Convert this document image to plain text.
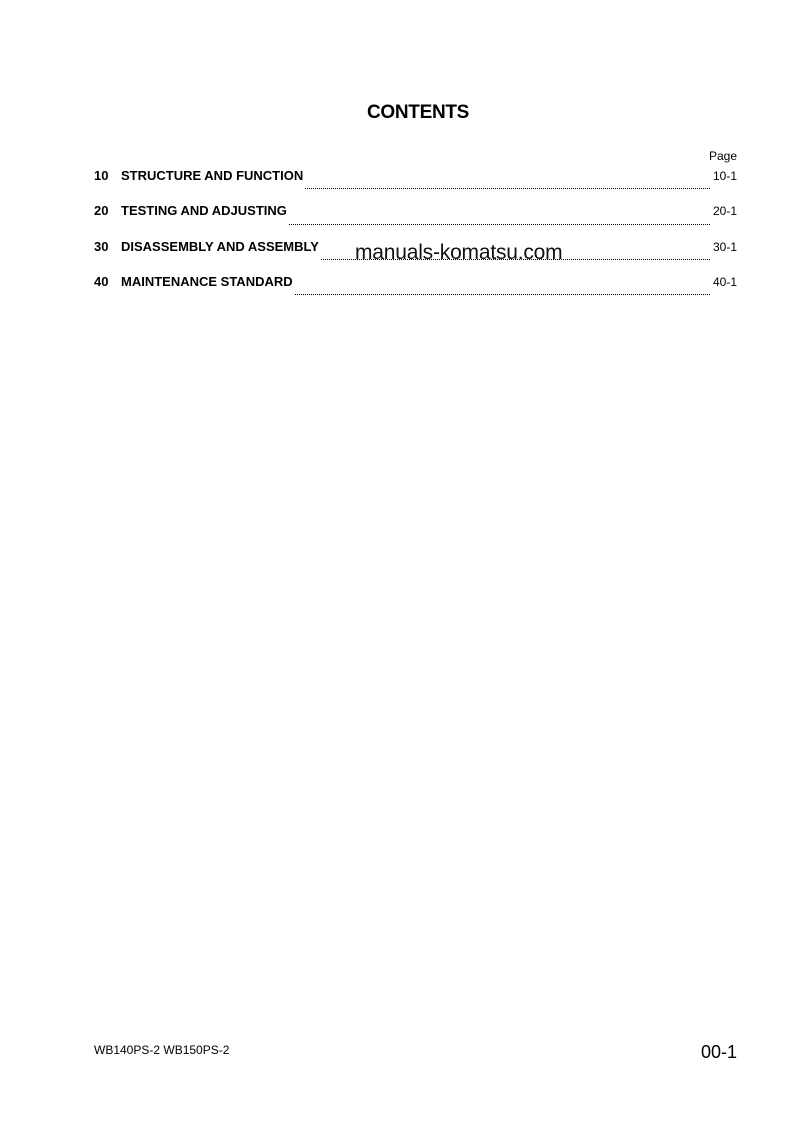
CONTENTS
Page
10 STRUCTURE AND FUNCTION	10-1
20 TESTING AND ADJUSTING	20-1
30 DISASSEMBLY AND ASSEMBLY	30-1
40 MAINTENANCE STANDARD	40-1
manuals-komatsu.com
WB140PS-2 WB150PS-2	00-1
